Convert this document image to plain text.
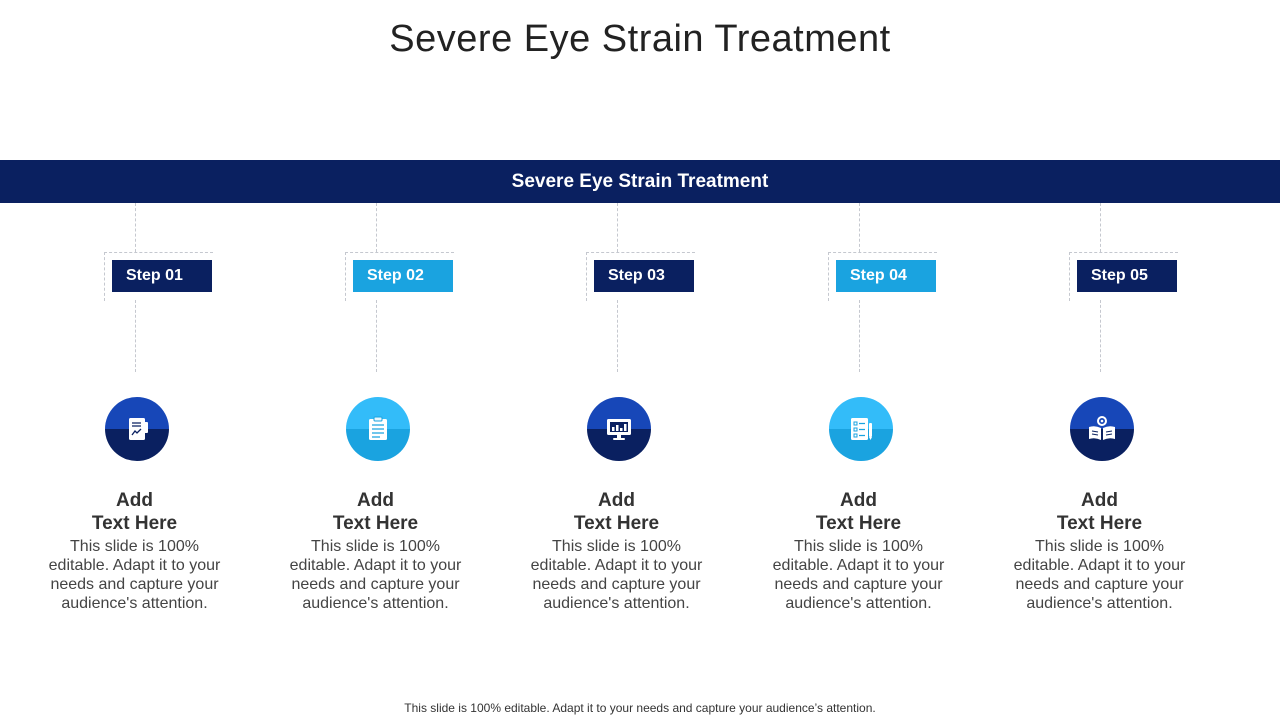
Severe Eye Strain Treatment
Severe Eye Strain Treatment
Step 01
Add
Text Here
This slide is 100%
editable. Adapt it to your
needs and capture your
audience's attention.
Step 02
Add
Text Here
This slide is 100%
editable. Adapt it to your
needs and capture your
audience's attention.
Step 03
Add
Text Here
This slide is 100%
editable. Adapt it to your
needs and capture your
audience's attention.
Step 04
Add
Text Here
This slide is 100%
editable. Adapt it to your
needs and capture your
audience's attention.
Step 05
Add
Text Here
This slide is 100%
editable. Adapt it to your
needs and capture your
audience's attention.
This slide is 100% editable. Adapt it to your needs and capture your audience’s attention.
